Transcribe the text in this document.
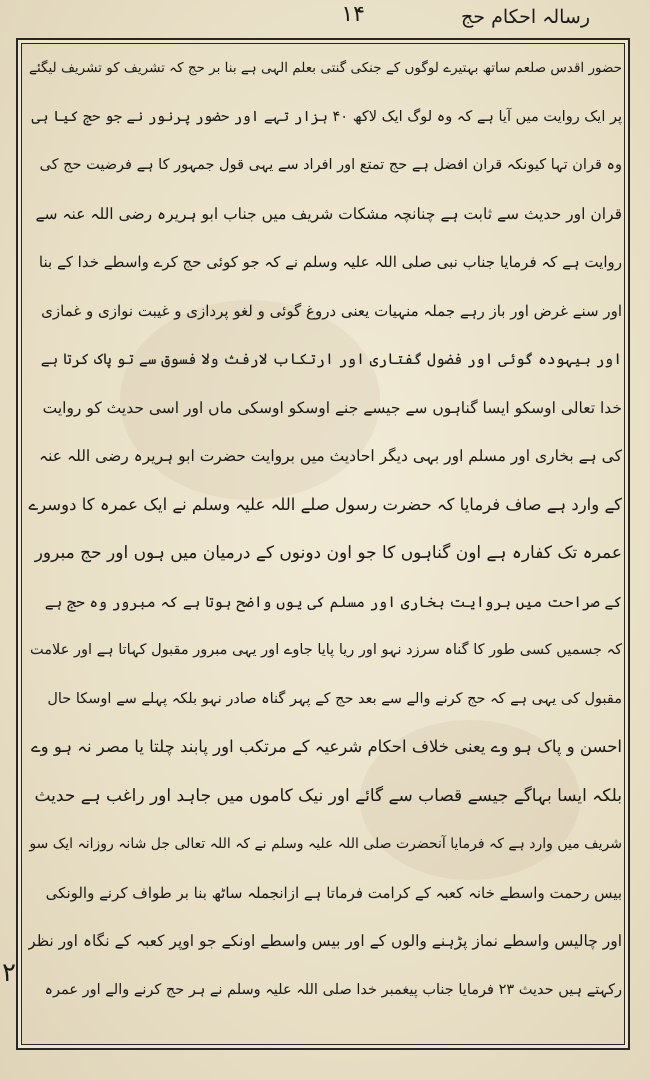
رسالہ احکام حج
۱۴
حضور اقدس صلعم ساتھ بہتیرے لوگوں کے جنکی گنتی بعلم الہی ہے بنا بر حج کہ تشریف کو تشریف لیگئے
پر ایک روایت میں آیا ہے کہ وہ لوگ ایک لاکھ ۴۰ ہزار تہے اور حضور پرنور نے جو حج کیا ہی
وہ قران تہا کیونکہ قران افضل ہے حج تمتع اور افراد سے یہی قول جمہور کا ہے فرضیت حج کی
قران اور حدیث سے ثابت ہے چنانچہ مشکات شریف میں جناب ابو ہریرہ رضی اللہ عنہ سے
روایت ہے کہ فرمایا جناب نبی صلی اللہ علیہ وسلم نے کہ جو کوئی حج کرے واسطے خدا کے بنا
اور سنے غرض اور باز رہے جملہ منہیات یعنی دروغ گوئی و لغو پردازی و غیبت نوازی و غمازی
اور بیہودہ گوئی اور فضول گفتاری اور ارتکاب لارفث ولا فسوق سے تو پاک کرتا ہے
خدا تعالی اوسکو ایسا گناہوں سے جیسے جنے اوسکو اوسکی ماں اور اسی حدیث کو روایت
کی ہے بخاری اور مسلم اور بہی دیگر احادیث میں بروایت حضرت ابو ہریرہ رضی اللہ عنہ
کے وارد ہے صاف فرمایا کہ حضرت رسول صلے اللہ علیہ وسلم نے ایک عمرہ کا دوسرے
عمرہ تک کفارہ ہے اون گناہوں کا جو اون دونوں کے درمیان میں ہوں اور حج مبرور
کے صراحت میں بروایت بخاری اور مسلم کی یوں واضح ہوتا ہے کہ مبرور وہ حج ہے
کہ جسمیں کسی طور کا گناہ سرزد نہو اور ریا پایا جاوے اور یہی مبرور مقبول کہاتا ہے اور علامت
مقبول کی یہی ہے کہ حج کرنے والے سے بعد حج کے پہر گناہ صادر نہو بلکہ پہلے سے اوسکا حال
احسن و پاک ہو وے یعنی خلاف احکام شرعیہ کے مرتکب اور پابند چلتا یا مصر نہ ہو وے
بلکہ ایسا بہاگے جیسے قصاب سے گائے اور نیک کاموں میں جاہد اور راغب ہے حدیث
شریف میں وارد ہے کہ فرمایا آنحضرت صلی اللہ علیہ وسلم نے کہ اللہ تعالی جل شانہ روزانہ ایک سو
بیس رحمت واسطے خانہ کعبہ کے کرامت فرماتا ہے ازانجملہ ساٹھ بنا بر طواف کرنے والونکی
اور چالیس واسطے نماز پڑہنے والوں کے اور بیس واسطے اونکے جو اوپر کعبہ کے نگاہ اور نظر
رکہتے ہیں حدیث ۲۳ فرمایا جناب پیغمبر خدا صلی اللہ علیہ وسلم نے ہر حج کرنے والے اور عمرہ
۲
